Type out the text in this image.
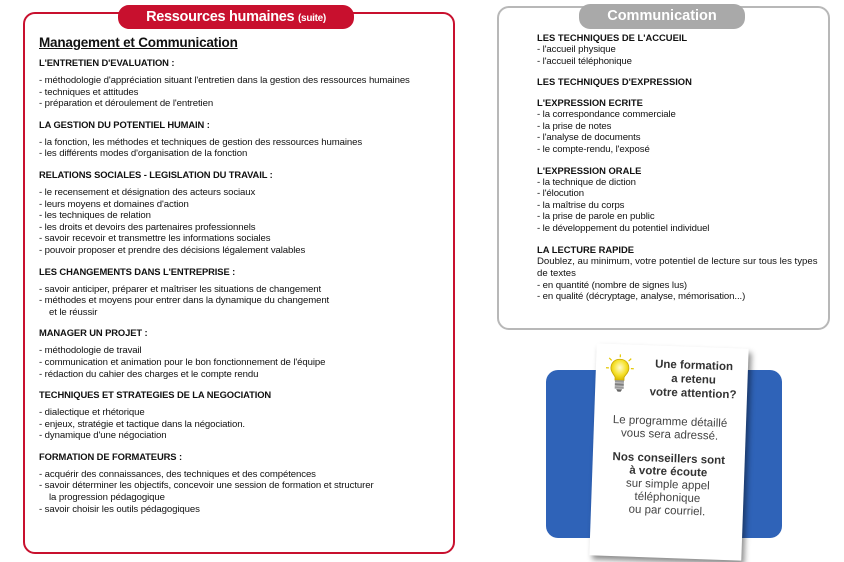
Management et Communication
L'ENTRETIEN D'EVALUATION :
- méthodologie d'appréciation situant l'entretien dans la gestion des ressources humaines
- techniques et attitudes
- préparation et déroulement de l'entretien
LA GESTION DU POTENTIEL HUMAIN :
- la fonction, les méthodes et techniques de gestion des ressources humaines
- les différents modes d'organisation de la fonction
RELATIONS SOCIALES - LEGISLATION DU TRAVAIL :
- le recensement et désignation des acteurs sociaux
- leurs moyens et domaines d'action
- les techniques de relation
- les droits et devoirs des partenaires professionnels
- savoir recevoir et transmettre les informations sociales
- pouvoir proposer et prendre des décisions légalement valables
LES CHANGEMENTS DANS L'ENTREPRISE :
- savoir anticiper, préparer et maîtriser les situations de changement
- méthodes et moyens pour entrer dans la dynamique du changement
et le réussir
MANAGER UN PROJET :
- méthodologie de travail
- communication et animation pour le bon fonctionnement de l'équipe
- rédaction du cahier des charges et le compte rendu
TECHNIQUES ET STRATEGIES DE LA NEGOCIATION
- dialectique et rhétorique
- enjeux, stratégie et tactique dans la négociation.
- dynamique d'une négociation
FORMATION DE FORMATEURS :
- acquérir des connaissances, des techniques et des compétences
- savoir déterminer les objectifs, concevoir une session de formation et structurer
la progression pédagogique
- savoir choisir les outils pédagogiques
Ressources humaines (suite)
LES TECHNIQUES DE L'ACCUEIL
- l'accueil physique
- l'accueil téléphonique
LES TECHNIQUES D'EXPRESSION
L'EXPRESSION ECRITE
- la correspondance commerciale
- la prise de notes
- l'analyse de documents
- le compte-rendu, l'exposé
L'EXPRESSION ORALE
- la technique de diction
- l'élocution
- la maîtrise du corps
- la prise de parole en public
- le développement du potentiel individuel
LA LECTURE RAPIDE
Doublez, au minimum, votre potentiel de lecture sur tous les types de textes
- en quantité (nombre de signes lus)
- en qualité (décryptage, analyse, mémorisation...)
Communication
Une formation
a retenu
votre attention?

Le programme détaillé
vous sera adressé.

Nos conseillers sont
à votre écoute
sur simple appel
téléphonique
ou par courriel.
